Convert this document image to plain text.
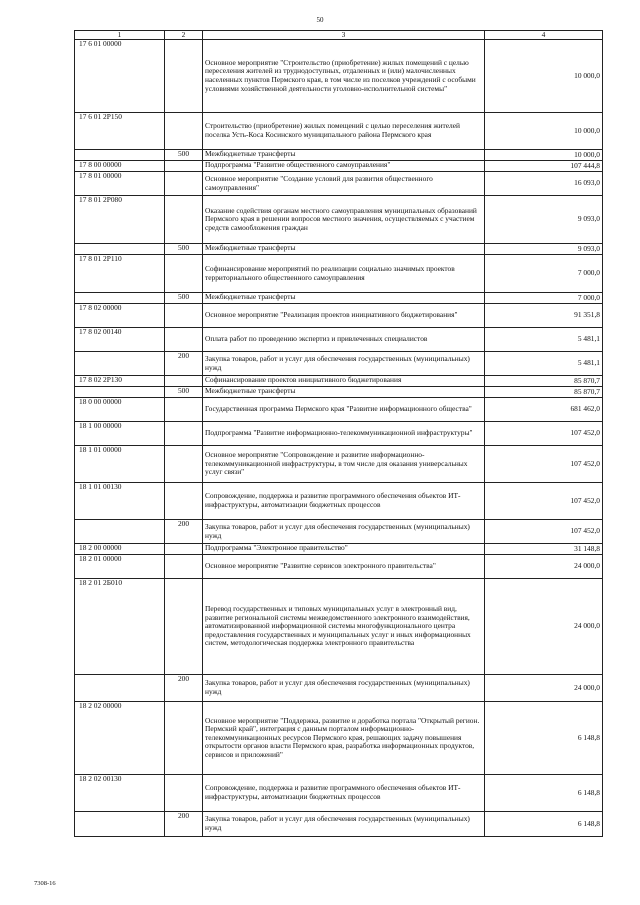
50
1	2	3	4
17 6 01 00000		Основное мероприятие "Строительство (приобретение) жилых помещений с целью переселения жителей из труднодоступных, отдаленных и (или) малочисленных населенных пунктов Пермского края, в том числе из поселков учреждений с особыми условиями хозяйственной деятельности уголовно-исполнительной системы"	10 000,0
17 6 01 2Р150		Строительство (приобретение) жилых помещений с целью переселения жителей поселка Усть-Коса Косинского муниципального района Пермского края	10 000,0
	500	Межбюджетные трансферты	10 000,0
17 8 00 00000		Подпрограмма "Развитие общественного самоуправления"	107 444,8
17 8 01 00000		Основное мероприятие "Создание условий для развития общественного самоуправления"	16 093,0
17 8 01 2Р080		Оказание содействия органам местного самоуправления муниципальных образований Пермского края в решении вопросов местного значения, осуществляемых с участием средств самообложения граждан	9 093,0
	500	Межбюджетные трансферты	9 093,0
17 8 01 2Р110		Софинансирование мероприятий по реализации социально значимых проектов территориального общественного самоуправления	7 000,0
	500	Межбюджетные трансферты	7 000,0
17 8 02 00000		Основное мероприятие "Реализация проектов инициативного бюджетирования"	91 351,8
17 8 02 00140		Оплата работ по проведению экспертиз и привлеченных специалистов	5 481,1
	200	Закупка товаров, работ и услуг для обеспечения государственных (муниципальных) нужд	5 481,1
17 8 02 2Р130		Софинансирование проектов инициативного бюджетирования	85 870,7
	500	Межбюджетные трансферты	85 870,7
18 0 00 00000		Государственная программа Пермского края "Развитие информационного общества"	681 462,0
18 1 00 00000		Подпрограмма "Развитие информационно-телекоммуникационной инфраструктуры"	107 452,0
18 1 01 00000		Основное мероприятие "Сопровождение и развитие информационно-телекоммуникационной инфраструктуры, в том числе для оказания универсальных услуг связи"	107 452,0
18 1 01 00130		Сопровождение, поддержка и развитие программного обеспечения объектов ИТ-инфраструктуры, автоматизации бюджетных процессов	107 452,0
	200	Закупка товаров, работ и услуг для обеспечения государственных (муниципальных) нужд	107 452,0
18 2 00 00000		Подпрограмма "Электронное правительство"	31 148,8
18 2 01 00000		Основное мероприятие "Развитие сервисов электронного правительства"	24 000,0
18 2 01 2Б010		Перевод государственных и типовых муниципальных услуг в электронный вид, развитие региональной системы межведомственного электронного взаимодействия, автоматизированной информационной системы многофункционального центра предоставления государственных и муниципальных услуг и иных информационных систем, методологическая поддержка электронного правительства	24 000,0
	200	Закупка товаров, работ и услуг для обеспечения государственных (муниципальных) нужд	24 000,0
18 2 02 00000		Основное мероприятие "Поддержка, развитие и доработка портала "Открытый регион. Пермский край", интеграция с данным порталом информационно-телекоммуникационных ресурсов Пермского края, решающих задачу повышения открытости органов власти Пермского края, разработка информационных продуктов, сервисов и приложений"	6 148,8
18 2 02 00130		Сопровождение, поддержка и развитие программного обеспечения объектов ИТ-инфраструктуры, автоматизации бюджетных процессов	6 148,8
	200	Закупка товаров, работ и услуг для обеспечения государственных (муниципальных) нужд	6 148,8
7308-16
